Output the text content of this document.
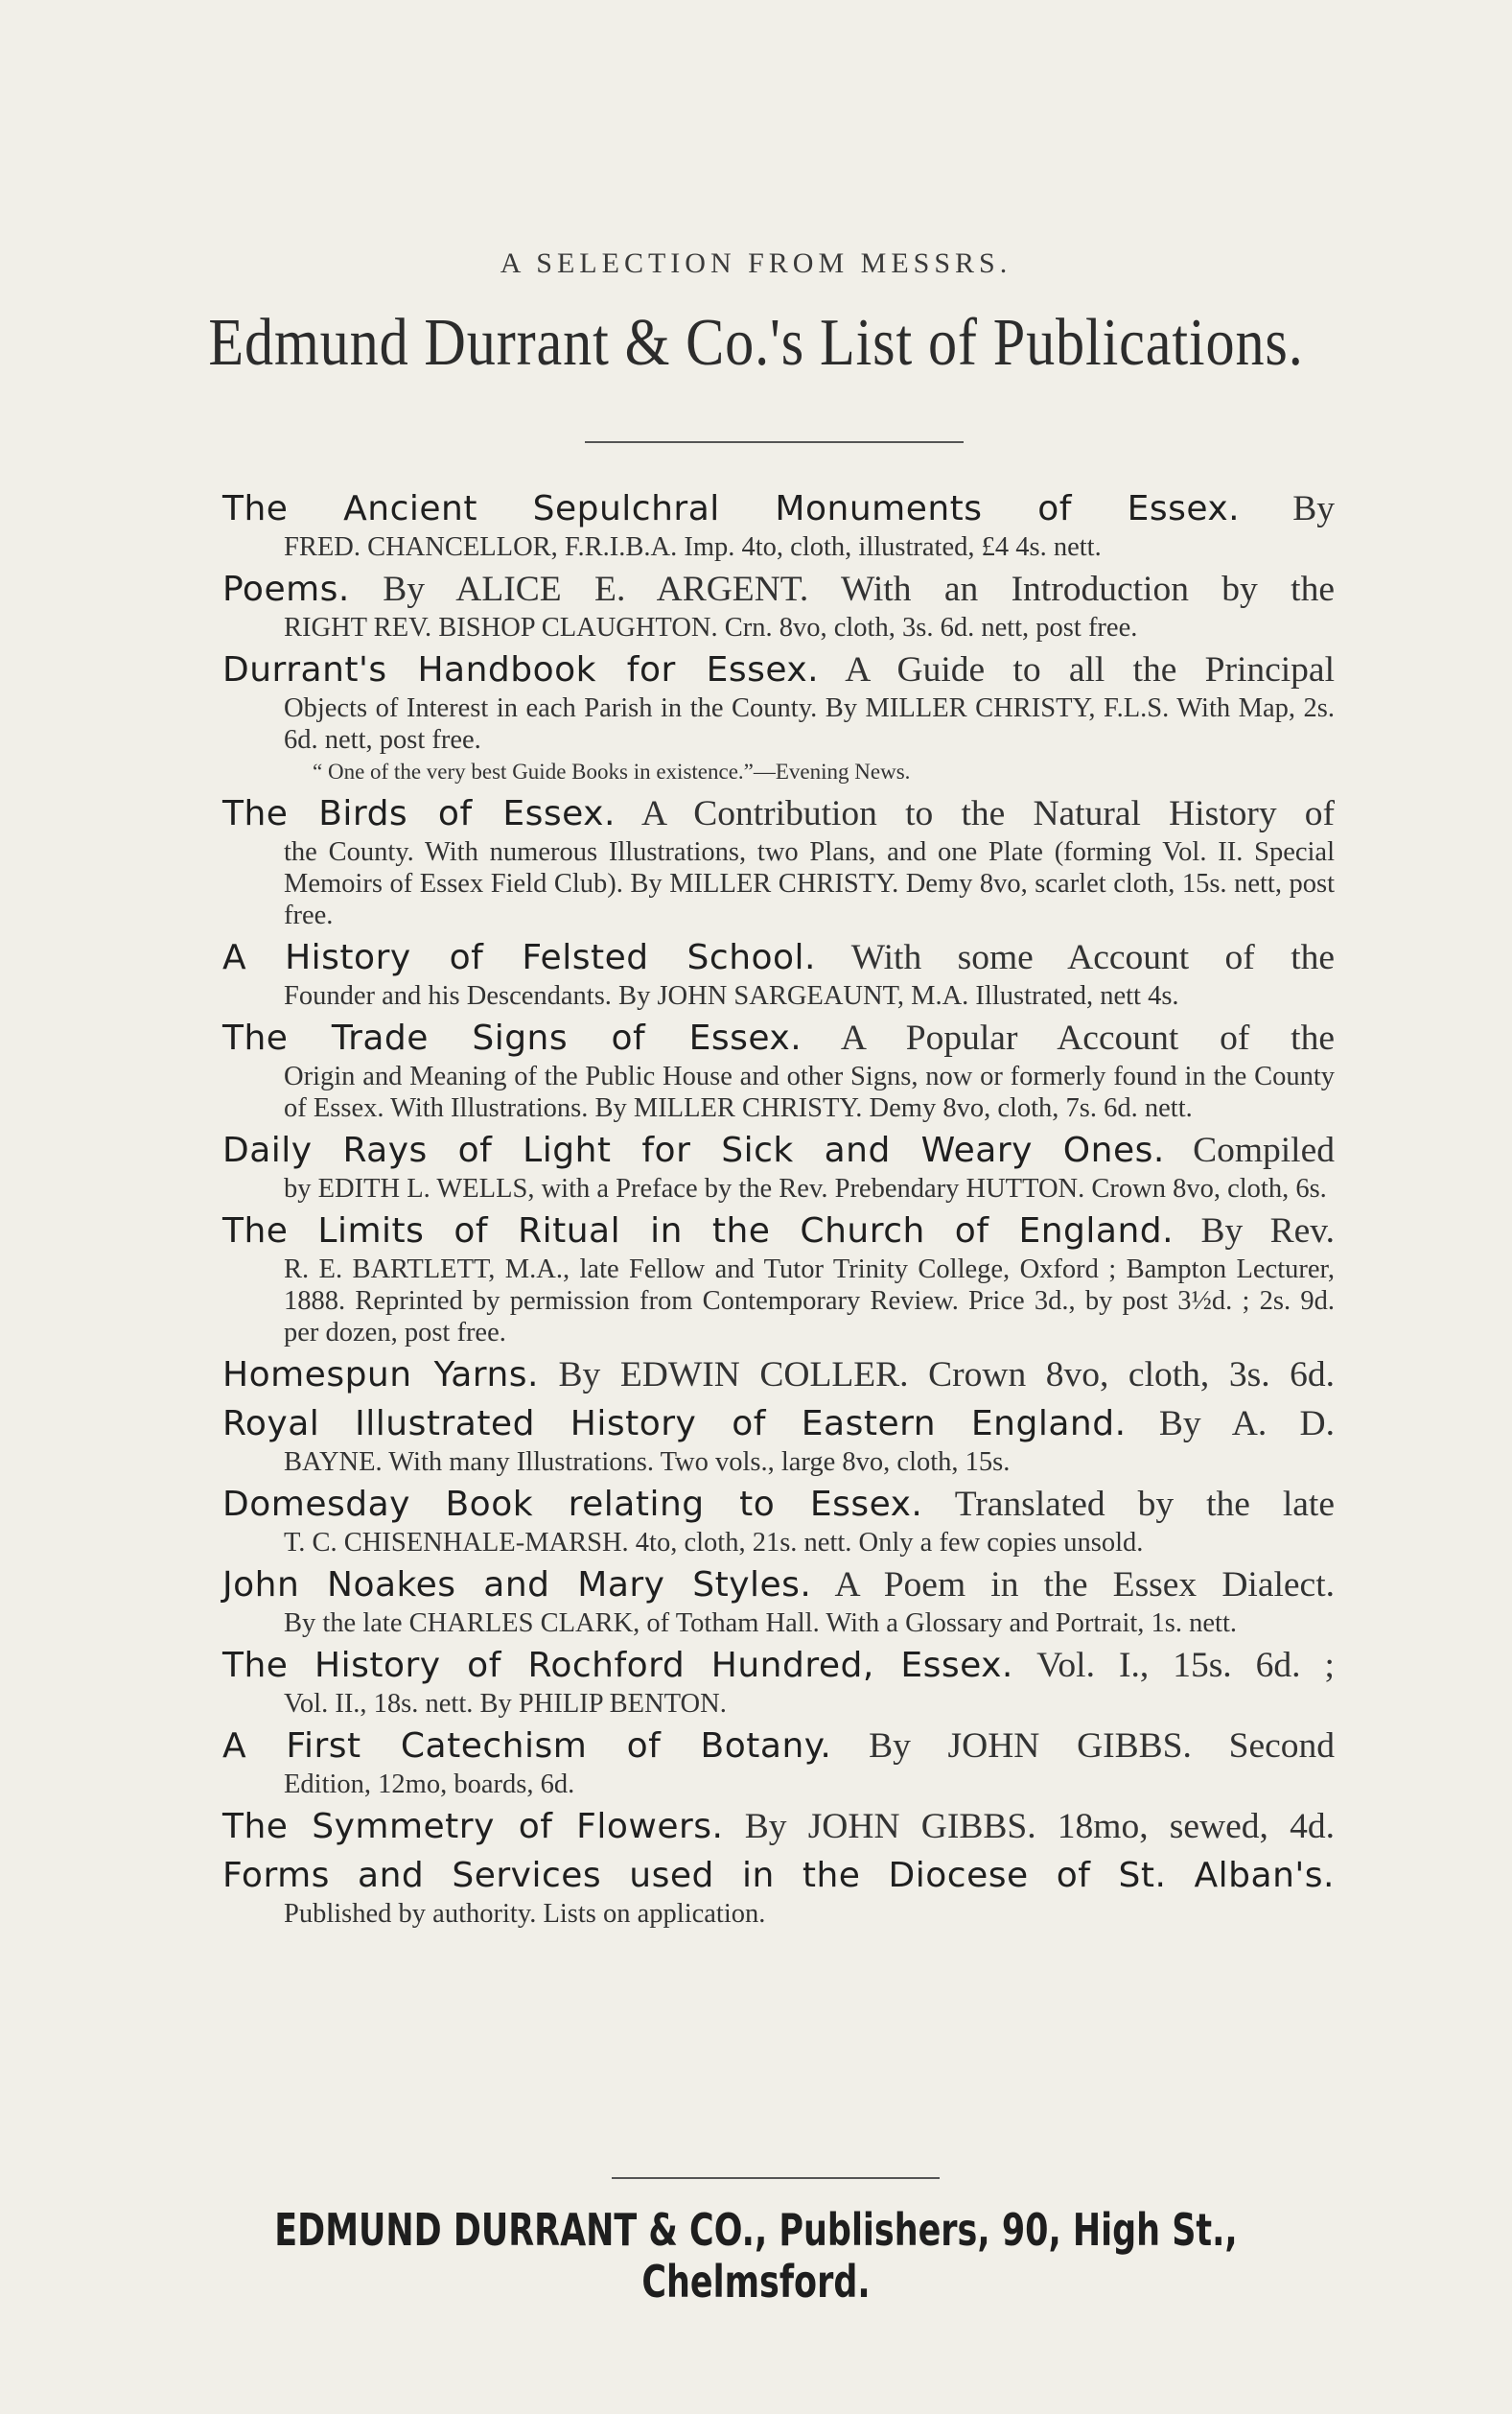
A SELECTION FROM MESSRS.
Edmund Durrant & Co.'s List of Publications.
The Ancient Sepulchral Monuments of Essex. By

FRED. CHANCELLOR, F.R.I.B.A. Imp. 4to, cloth, illustrated, £4 4s. nett.

Poems. By ALICE E. ARGENT. With an Introduction by the

RIGHT REV. BISHOP CLAUGHTON. Crn. 8vo, cloth, 3s. 6d. nett, post free.

Durrant's Handbook for Essex. A Guide to all the Principal

Objects of Interest in each Parish in the County. By MILLER CHRISTY, F.L.S. With Map, 2s. 6d. nett, post free.

“ One of the very best Guide Books in existence.”—Evening News.

The Birds of Essex. A Contribution to the Natural History of

the County. With numerous Illustrations, two Plans, and one Plate (forming Vol. II. Special Memoirs of Essex Field Club). By MILLER CHRISTY. Demy 8vo, scarlet cloth, 15s. nett, post free.

A History of Felsted School. With some Account of the

Founder and his Descendants. By JOHN SARGEAUNT, M.A. Illustrated, nett 4s.

The Trade Signs of Essex. A Popular Account of the

Origin and Meaning of the Public House and other Signs, now or formerly found in the County of Essex. With Illustrations. By MILLER CHRISTY. Demy 8vo, cloth, 7s. 6d. nett.

Daily Rays of Light for Sick and Weary Ones. Compiled

by EDITH L. WELLS, with a Preface by the Rev. Prebendary HUTTON. Crown 8vo, cloth, 6s.

The Limits of Ritual in the Church of England. By Rev.

R. E. BARTLETT, M.A., late Fellow and Tutor Trinity College, Oxford ; Bampton Lecturer, 1888. Reprinted by permission from Contemporary Review. Price 3d., by post 3½d. ; 2s. 9d. per dozen, post free.

Homespun Yarns. By EDWIN COLLER. Crown 8vo, cloth, 3s. 6d.
Royal Illustrated History of Eastern England. By A. D.

BAYNE. With many Illustrations. Two vols., large 8vo, cloth, 15s.

Domesday Book relating to Essex. Translated by the late

T. C. CHISENHALE-MARSH. 4to, cloth, 21s. nett. Only a few copies unsold.

John Noakes and Mary Styles. A Poem in the Essex Dialect.

By the late CHARLES CLARK, of Totham Hall. With a Glossary and Portrait, 1s. nett.

The History of Rochford Hundred, Essex. Vol. I., 15s. 6d. ;

Vol. II., 18s. nett. By PHILIP BENTON.

A First Catechism of Botany. By JOHN GIBBS. Second

Edition, 12mo, boards, 6d.

The Symmetry of Flowers. By JOHN GIBBS. 18mo, sewed, 4d.
Forms and Services used in the Diocese of St. Alban's.

Published by authority. Lists on application.

EDMUND DURRANT & CO., Publishers, 90, High St., Chelmsford.
